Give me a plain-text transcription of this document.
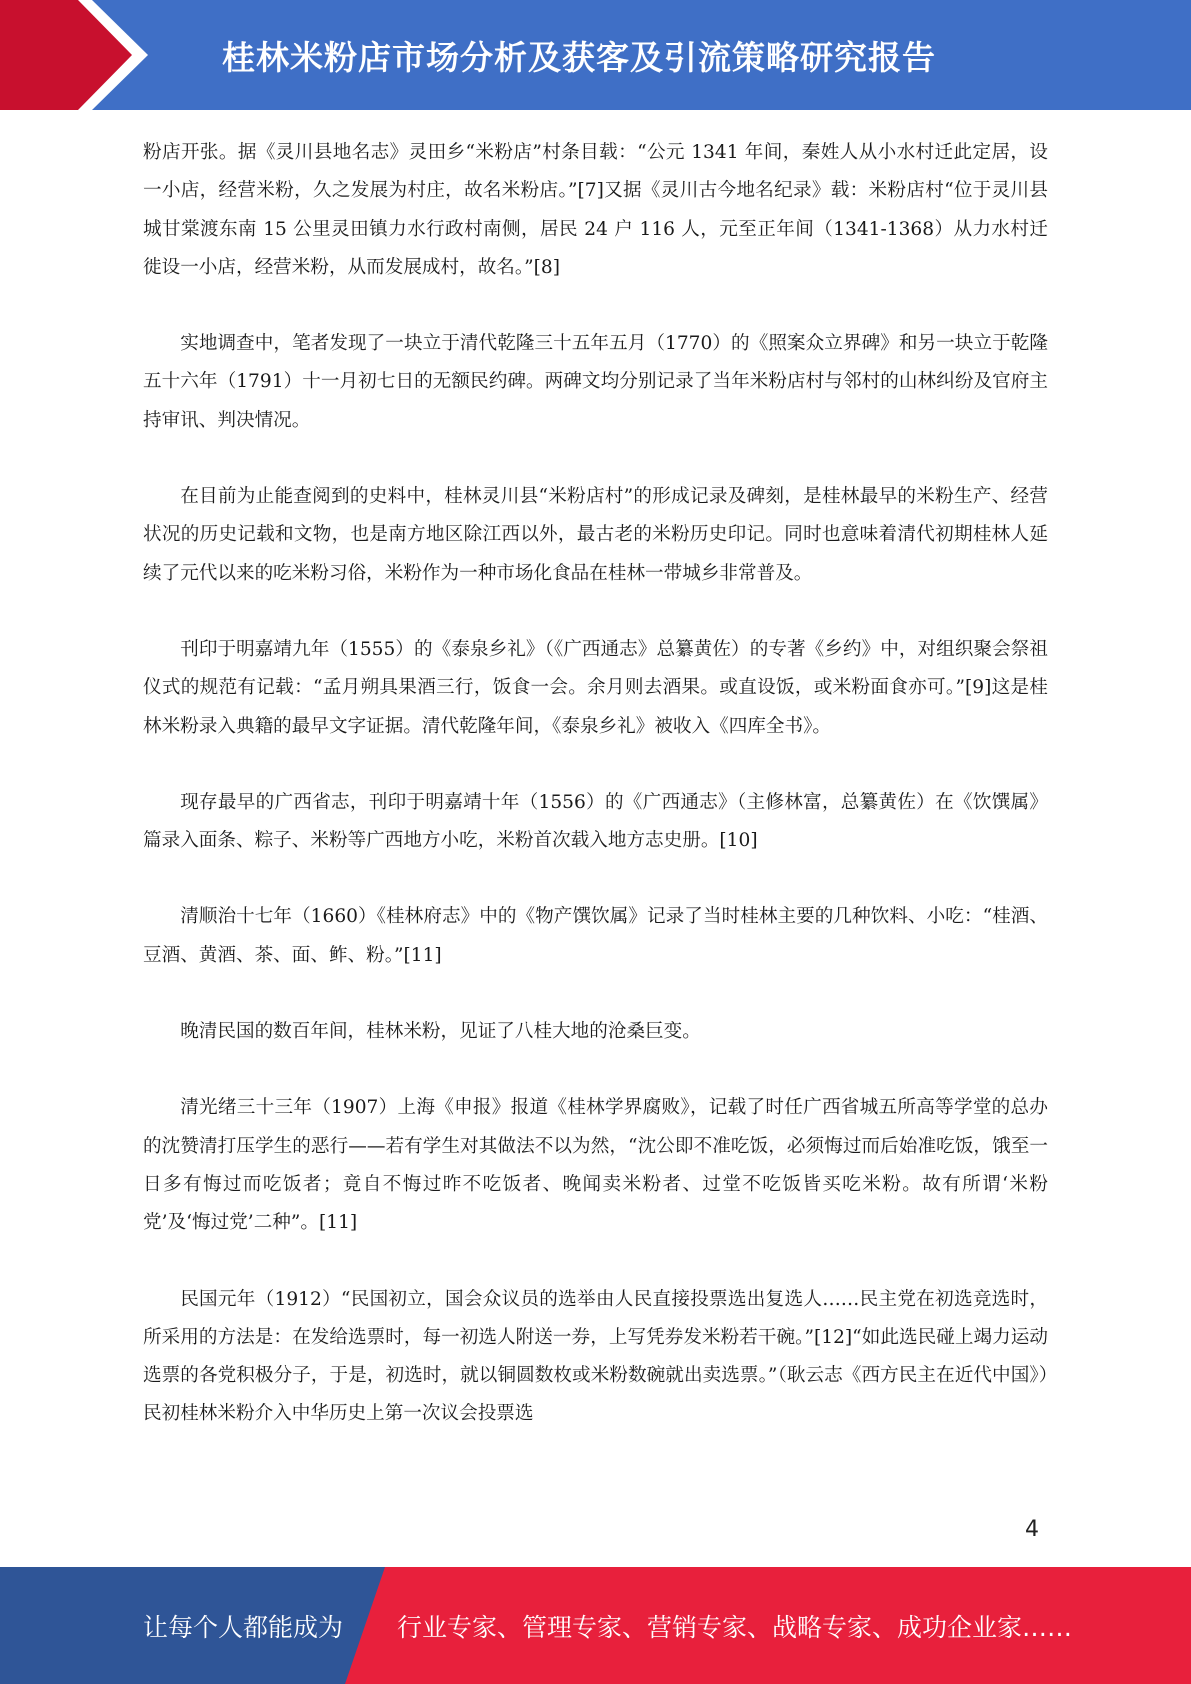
桂林米粉店市场分析及获客及引流策略研究报告

粉店开张。据《灵川县地名志》灵田乡“米粉店”村条目载：“公元 1341 年间，秦姓人从小水村迁此定居，设一小店，经营米粉，久之发展为村庄，故名米粉店。”[7]又据《灵川古今地名纪录》载：米粉店村“位于灵川县城甘棠渡东南 15 公里灵田镇力水行政村南侧，居民 24 户 116 人，元至正年间（1341-1368）从力水村迁徙设一小店，经营米粉，从而发展成村，故名。”[8]

实地调查中，笔者发现了一块立于清代乾隆三十五年五月（1770）的《照案众立界碑》和另一块立于乾隆五十六年（1791）十一月初七日的无额民约碑。两碑文均分别记录了当年米粉店村与邻村的山林纠纷及官府主持审讯、判决情况。

在目前为止能查阅到的史料中，桂林灵川县“米粉店村”的形成记录及碑刻，是桂林最早的米粉生产、经营状况的历史记载和文物，也是南方地区除江西以外，最古老的米粉历史印记。同时也意味着清代初期桂林人延续了元代以来的吃米粉习俗，米粉作为一种市场化食品在桂林一带城乡非常普及。

刊印于明嘉靖九年（1555）的《泰泉乡礼》（《广西通志》总纂黄佐）的专著《乡约》中，对组织聚会祭祖仪式的规范有记载：“孟月朔具果酒三行，饭食一会。余月则去酒果。或直设饭，或米粉面食亦可。”[9]这是桂林米粉录入典籍的最早文字证据。清代乾隆年间，《泰泉乡礼》被收入《四库全书》。

现存最早的广西省志，刊印于明嘉靖十年（1556）的《广西通志》（主修林富，总纂黄佐）在《饮馔属》篇录入面条、粽子、米粉等广西地方小吃，米粉首次载入地方志史册。[10]

清顺治十七年（1660）《桂林府志》中的《物产馔饮属》记录了当时桂林主要的几种饮料、小吃：“桂酒、豆酒、黄酒、茶、面、鲊、粉。”[11]

晚清民国的数百年间，桂林米粉，见证了八桂大地的沧桑巨变。

清光绪三十三年（1907）上海《申报》报道《桂林学界腐败》，记载了时任广西省城五所高等学堂的总办的沈赞清打压学生的恶行——若有学生对其做法不以为然，“沈公即不准吃饭，必须悔过而后始准吃饭，饿至一日多有悔过而吃饭者；竟自不悔过昨不吃饭者、晚闻卖米粉者、过堂不吃饭皆买吃米粉。故有所谓‘米粉党’及‘悔过党’二种”。[11]

民国元年（1912）“民国初立，国会众议员的选举由人民直接投票选出复选人……民主党在初选竞选时，所采用的方法是：在发给选票时，每一初选人附送一券，上写凭券发米粉若干碗。”[12]“如此选民碰上竭力运动选票的各党积极分子，于是，初选时，就以铜圆数枚或米粉数碗就出卖选票。”（耿云志《西方民主在近代中国》）民初桂林米粉介入中华历史上第一次议会投票选

4
让每个人都能成为 行业专家、管理专家、营销专家、战略专家、成功企业家……
